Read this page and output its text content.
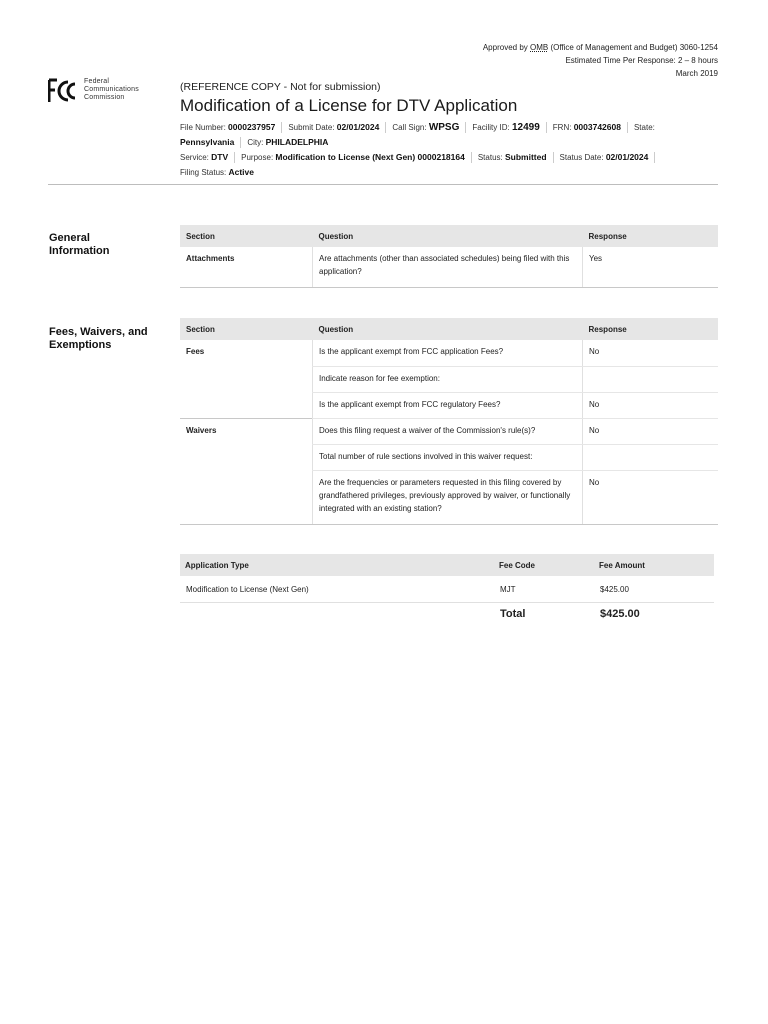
Approved by OMB (Office of Management and Budget) 3060-1254
Estimated Time Per Response: 2 – 8 hours
March 2019
Federal
Communications
Commission
(REFERENCE COPY - Not for submission)
Modification of a License for DTV Application
File Number: 0000237957 Submit Date: 02/01/2024 Call Sign: WPSG Facility ID: 12499 FRN: 0003742608 State:
Pennsylvania City: PHILADELPHIA
Service: DTV Purpose: Modification to License (Next Gen) 0000218164 Status: Submitted Status Date: 02/01/2024
Filing Status: Active
General Information
Section	Question	Response
Attachments	Are attachments (other than associated schedules) being filed with this application?	Yes
Fees, Waivers, and Exemptions
Section	Question	Response
Fees	Is the applicant exempt from FCC application Fees?	No
	Indicate reason for fee exemption:	
	Is the applicant exempt from FCC regulatory Fees?	No
Waivers	Does this filing request a waiver of the Commission's rule(s)?	No
	Total number of rule sections involved in this waiver request:	
	Are the frequencies or parameters requested in this filing covered by grandfathered privileges, previously approved by waiver, or functionally integrated with an existing station?	No
Application Type	Fee Code	Fee Amount
Modification to License (Next Gen)	MJT	$425.00
	Total	$425.00
